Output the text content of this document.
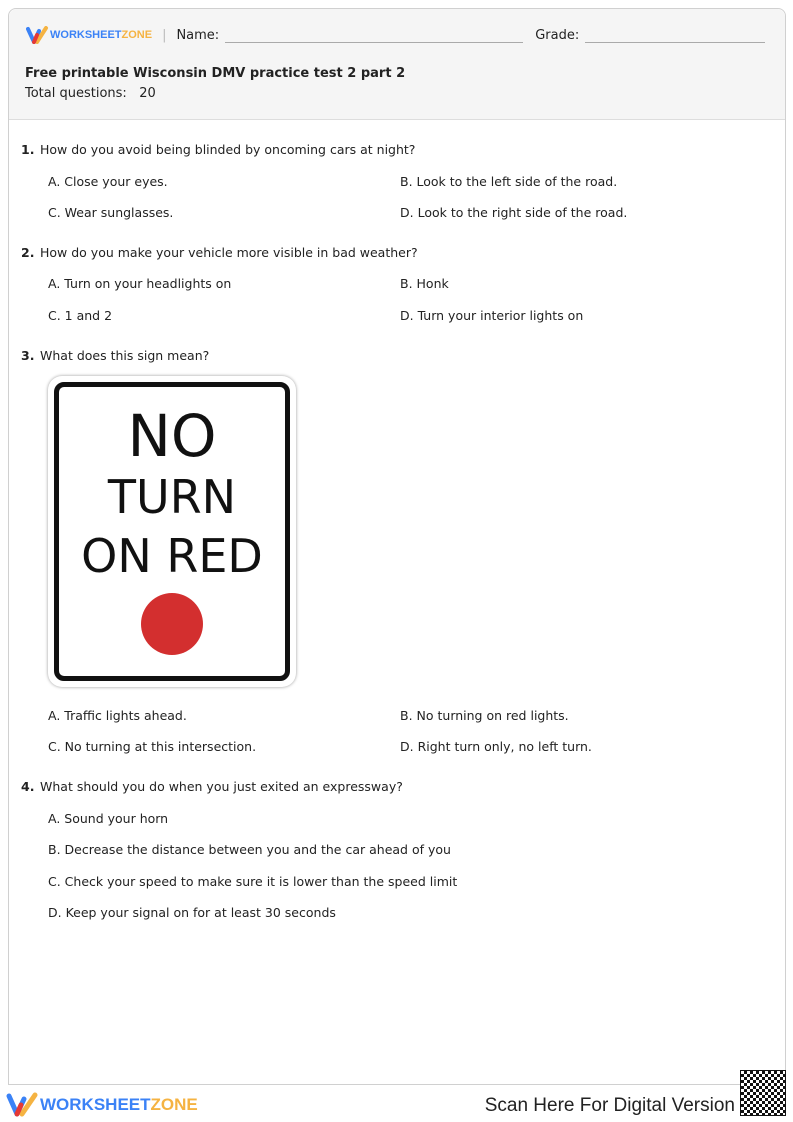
WORKSHEET ZONE | Name:	Grade:
Free printable Wisconsin DMV practice test 2 part 2
Total questions: 20
1. How do you avoid being blinded by oncoming cars at night?
A. Close your eyes.	B. Look to the left side of the road.
C. Wear sunglasses.	D. Look to the right side of the road.
2. How do you make your vehicle more visible in bad weather?
A. Turn on your headlights on	B. Honk
C. 1 and 2	D. Turn your interior lights on
3. What does this sign mean?
NO
TURN
ON RED
A. Traffic lights ahead.	B. No turning on red lights.
C. No turning at this intersection.	D. Right turn only, no left turn.
4. What should you do when you just exited an expressway?
A. Sound your horn
B. Decrease the distance between you and the car ahead of you
C. Check your speed to make sure it is lower than the speed limit
D. Keep your signal on for at least 30 seconds
WORKSHEET ZONE	Scan Here For Digital Version
